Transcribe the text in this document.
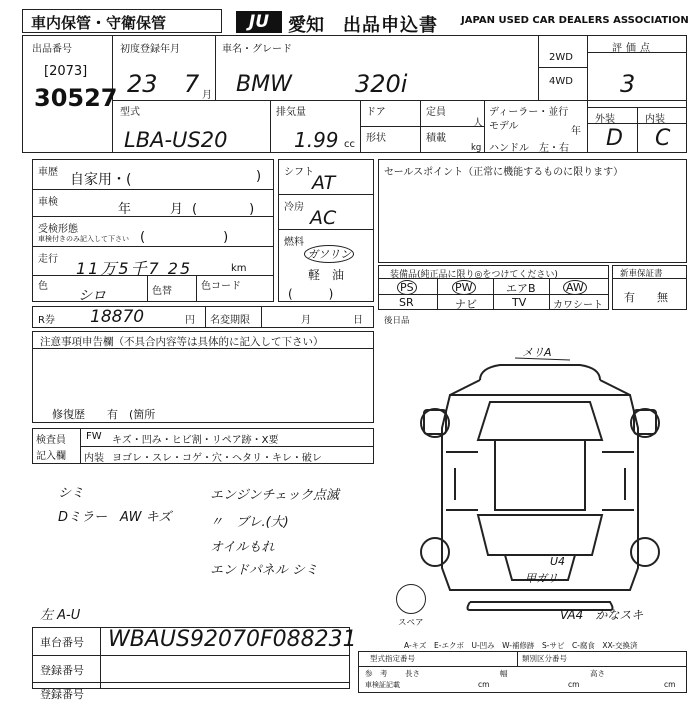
車内保管・守衛保管	JU	愛知 出品申込書 JAPAN USED CAR DEALERS ASSOCIATION
出品番号
[2073]
30527
初度登録年月
23 7 月
車名・グレード
BMW	320i
2WD
4WD
評価点
3
型式
LBA-US20
排気量
1.99 cc
ドア
形状
定員
人
積載
kg
ディーラー・並行
モデル	年
ハンドル　左・右
外装	内装
D C
車歴 自家用・(	)
車検	年	月 (　　　　)
受検形態
車検付きのみ記入して下さい (　　　　　　)
走行 11万5千7 25	km
色
シロ	色替	色コード
シフト
AT
冷房 AC
燃料
ガソリン
軽　油
(　　　)
セールスポイント（正常に機能するものに限ります）
装備品(純正品に限り◎をつけてください)
PS	PW	エアB	AW
SR	ナビ	TV	カワシート
新車保証書
有 無
R券 18870	円 名変期限	月	日 後日品
注意事項申告欄（不具合内容等は具体的に記入して下さい）
修復歴　　有　(箇所
検査員
記入欄
FW キズ・凹み・ヒビ割・リペア跡・X要
内装 ヨゴレ・スレ・コゲ・穴・ヘタリ・キレ・破レ
シミ
Dミラー　AW キズ
エンジンチェック点滅
〃　ブレ.(大)
オイルもれ
エンドパネル シミ
左 A-U
メリA
U4
甲ガリ
スペア
VA4　かなスキ
A-キズ　E-エクボ　U-凹み　W-補修跡　S-サビ　C-腐食　XX-交換済
車台番号 WBAUS92070F088231
登録番号
登録番号
型式指定番号	類別区分番号
参　考 長さ	幅	高さ
cm	cm	cm
車検証記載
